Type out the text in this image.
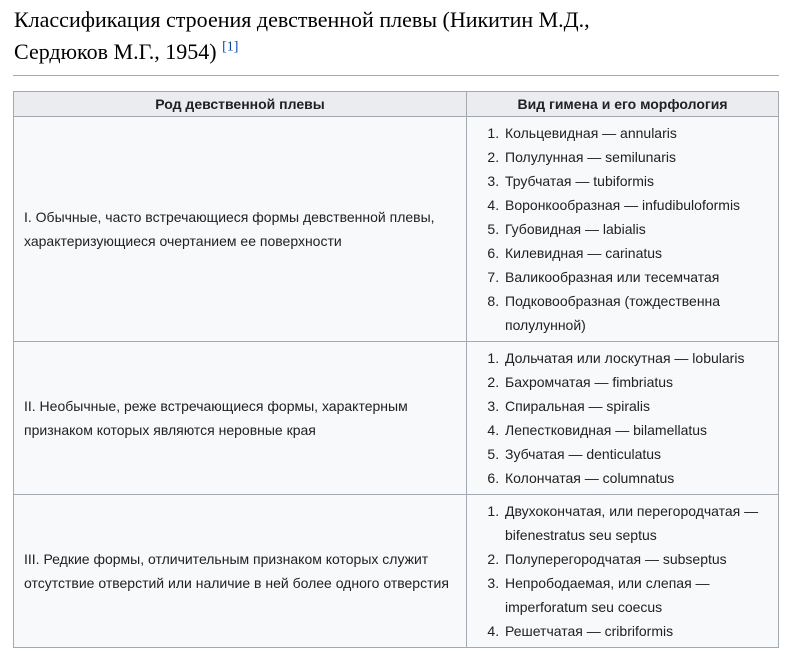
Классификация строения девственной плевы (Никитин М.Д.,
Сердюков М.Г., 1954) [1]
Род девственной плевы	Вид гимена и его морфология
I. Обычные, часто встречающиеся формы девственной плевы, характеризующиеся очертанием ее поверхности	
1. Кольцевидная — annularis
2. Полулунная — semilunaris
3. Трубчатая — tubiformis
4. Воронкообразная — infudibuloformis
5. Губовидная — labialis
6. Килевидная — carinatus
7. Валикообразная или тесемчатая
8. Подковообразная (тождественна полулунной)

II. Необычные, реже встречающиеся формы, характерным признаком которых являются неровные края	
1. Дольчатая или лоскутная — lobularis
2. Бахромчатая — fimbriatus
3. Спиральная — spiralis
4. Лепестковидная — bilamellatus
5. Зубчатая — denticulatus
6. Колончатая — columnatus

III. Редкие формы, отличительным признаком которых служит отсутствие отверстий или наличие в ней более одного отверстия	
1. Двухокончатая, или перегородчатая — bifenestratus seu septus
2. Полуперегородчатая — subseptus
3. Непрободаемая, или слепая — imperforatum seu coecus
4. Решетчатая — cribriformis
